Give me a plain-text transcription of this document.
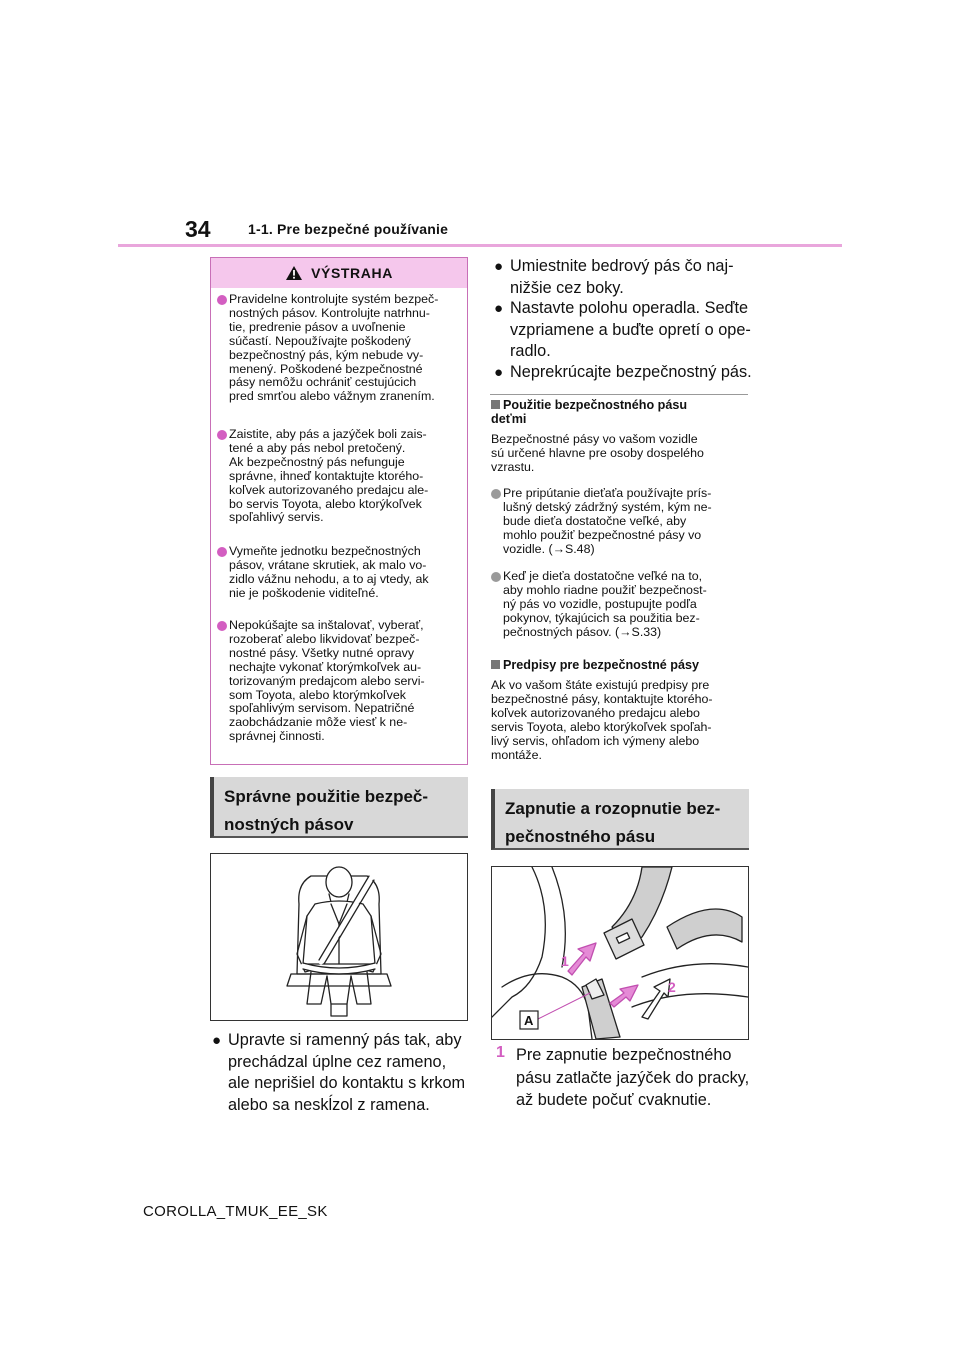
34	1-1. Pre bezpečné používanie
VÝSTRAHA
Pravidelne kontrolujte systém bezpeč-
nostných pásov. Kontrolujte natrhnu-
tie, predrenie pásov a uvoľnenie
súčastí. Nepoužívajte poškodený
bezpečnostný pás, kým nebude vy-
menený. Poškodené bezpečnostné
pásy nemôžu ochrániť cestujúcich
pred smrťou alebo vážnym zranením.
Zaistite, aby pás a jazýček boli zais-
tené a aby pás nebol pretočený.
Ak bezpečnostný pás nefunguje
správne, ihneď kontaktujte ktorého-
koľvek autorizovaného predajcu ale-
bo servis Toyota, alebo ktorýkoľvek
spoľahlivý servis.
Vymeňte jednotku bezpečnostných
pásov, vrátane skrutiek, ak malo vo-
zidlo vážnu nehodu, a to aj vtedy, ak
nie je poškodenie viditeľné.
Nepokúšajte sa inštalovať, vyberať,
rozoberať alebo likvidovať bezpeč-
nostné pásy. Všetky nutné opravy
nechajte vykonať ktorýmkoľvek au-
torizovaným predajcom alebo servi-
som Toyota, alebo ktorýmkoľvek
spoľahlivým servisom. Nepatričné
zaobchádzanie môže viesť k ne-
správnej činnosti.
Správne použitie bezpeč-
nostných pásov
● Upravte si ramenný pás tak, aby
prechádzal úplne cez rameno,
ale neprišiel do kontaktu s krkom
alebo sa neskĺzol z ramena.
● Umiestnite bedrový pás čo naj-
nižšie cez boky.
● Nastavte polohu operadla. Seďte
vzpriamene a buďte opretí o ope-
radlo.
● Neprekrúcajte bezpečnostný pás.
Použitie bezpečnostného pásu
deťmi
Bezpečnostné pásy vo vašom vozidle
sú určené hlavne pre osoby dospelého
vzrastu.
Pre pripútanie dieťaťa používajte prís-
lušný detský zádržný systém, kým ne-
bude dieťa dostatočne veľké, aby
mohlo použiť bezpečnostné pásy vo
vozidle. (→S.48)
Keď je dieťa dostatočne veľké na to,
aby mohlo riadne použiť bezpečnost-
ný pás vo vozidle, postupujte podľa
pokynov, týkajúcich sa použitia bez-
pečnostných pásov. (→S.33)
Predpisy pre bezpečnostné pásy
Ak vo vašom štáte existujú predpisy pre
bezpečnostné pásy, kontaktujte ktorého-
koľvek autorizovaného predajcu alebo
servis Toyota, alebo ktorýkoľvek spoľah-
livý servis, ohľadom ich výmeny alebo
montáže.
Zapnutie a rozopnutie bez-
pečnostného pásu
1
2
A
1 Pre zapnutie bezpečnostného
pásu zatlačte jazýček do pracky,
až budete počuť cvaknutie.
COROLLA_TMUK_EE_SK
